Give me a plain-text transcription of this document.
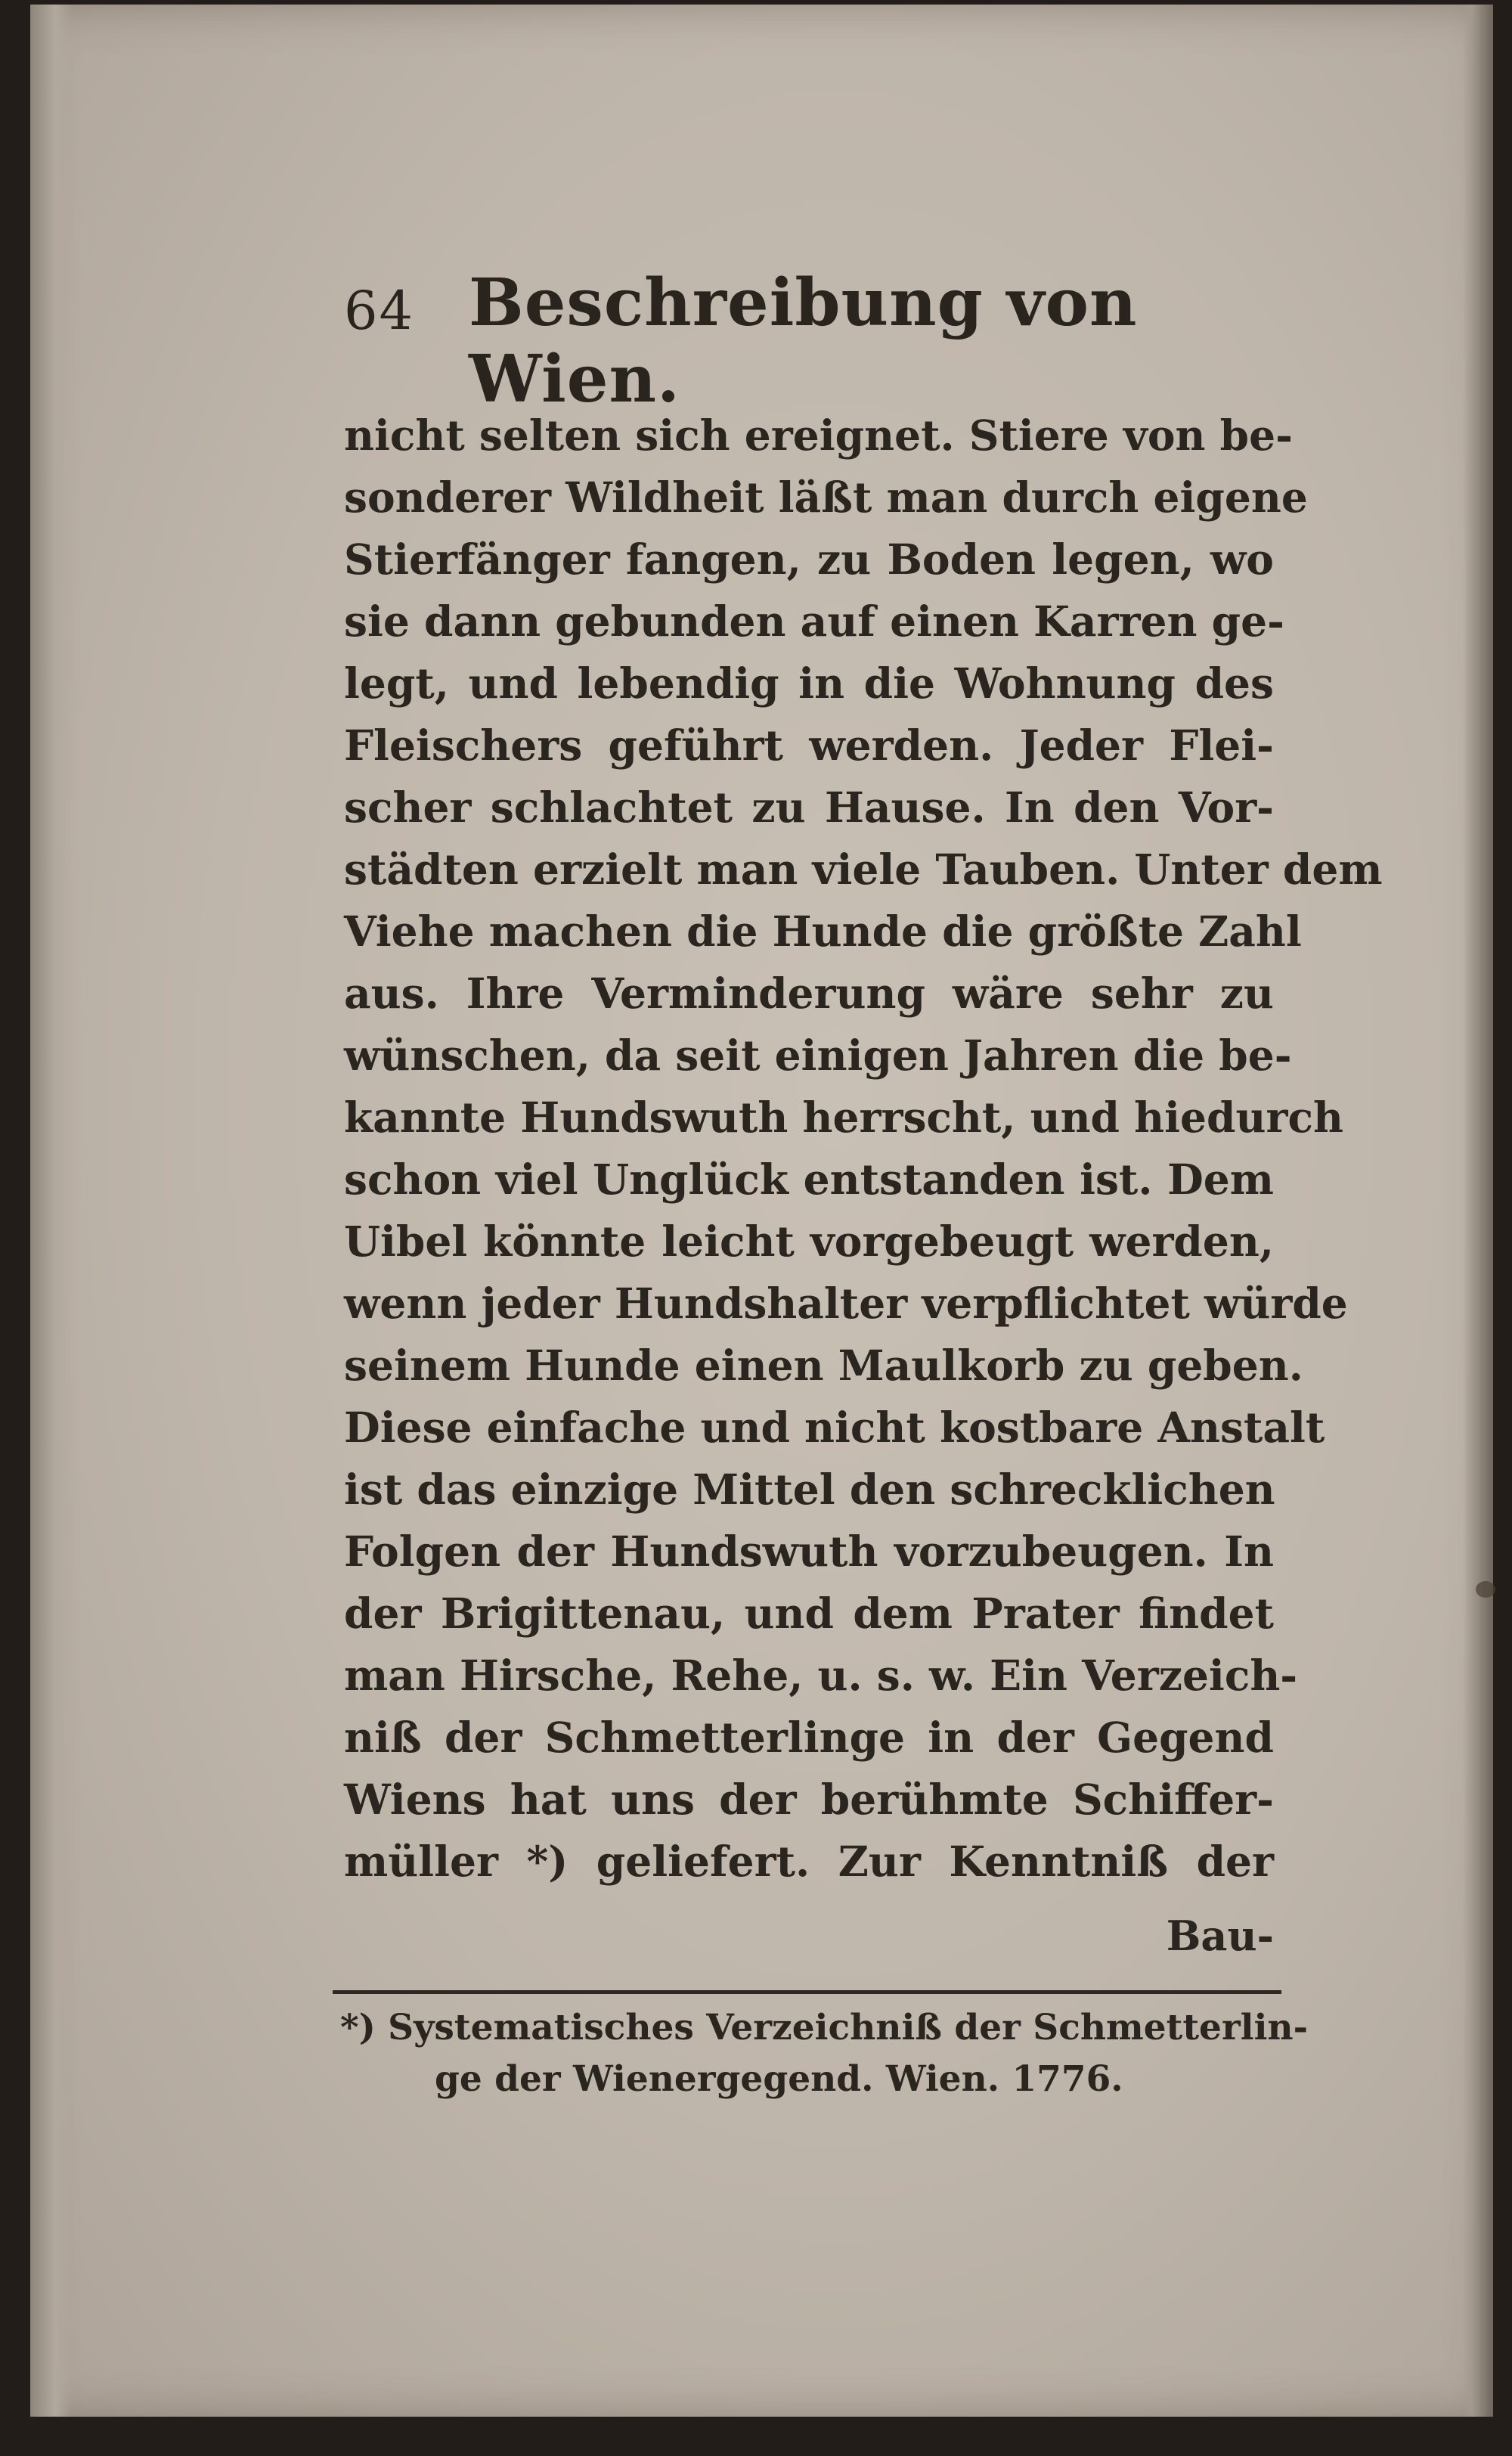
64 Beschreibung von Wien.
nicht selten sich ereignet. Stiere von be-
sonderer Wildheit läßt man durch eigene
Stierfänger fangen, zu Boden legen, wo
sie dann gebunden auf einen Karren ge-
legt, und lebendig in die Wohnung des
Fleischers geführt werden. Jeder Flei-
scher schlachtet zu Hause. In den Vor-
städten erzielt man viele Tauben. Unter dem
Viehe machen die Hunde die größte Zahl
aus. Ihre Verminderung wäre sehr zu
wünschen, da seit einigen Jahren die be-
kannte Hundswuth herrscht, und hiedurch
schon viel Unglück entstanden ist. Dem
Uibel könnte leicht vorgebeugt werden,
wenn jeder Hundshalter verpflichtet würde
seinem Hunde einen Maulkorb zu geben.
Diese einfache und nicht kostbare Anstalt
ist das einzige Mittel den schrecklichen
Folgen der Hundswuth vorzubeugen. In
der Brigittenau, und dem Prater findet
man Hirsche, Rehe, u. s. w. Ein Verzeich-
niß der Schmetterlinge in der Gegend
Wiens hat uns der berühmte Schiffer-
müller *) geliefert. Zur Kenntniß der
Bau-
*) Systematisches Verzeichniß der Schmetterlin-
ge der Wienergegend. Wien. 1776.
